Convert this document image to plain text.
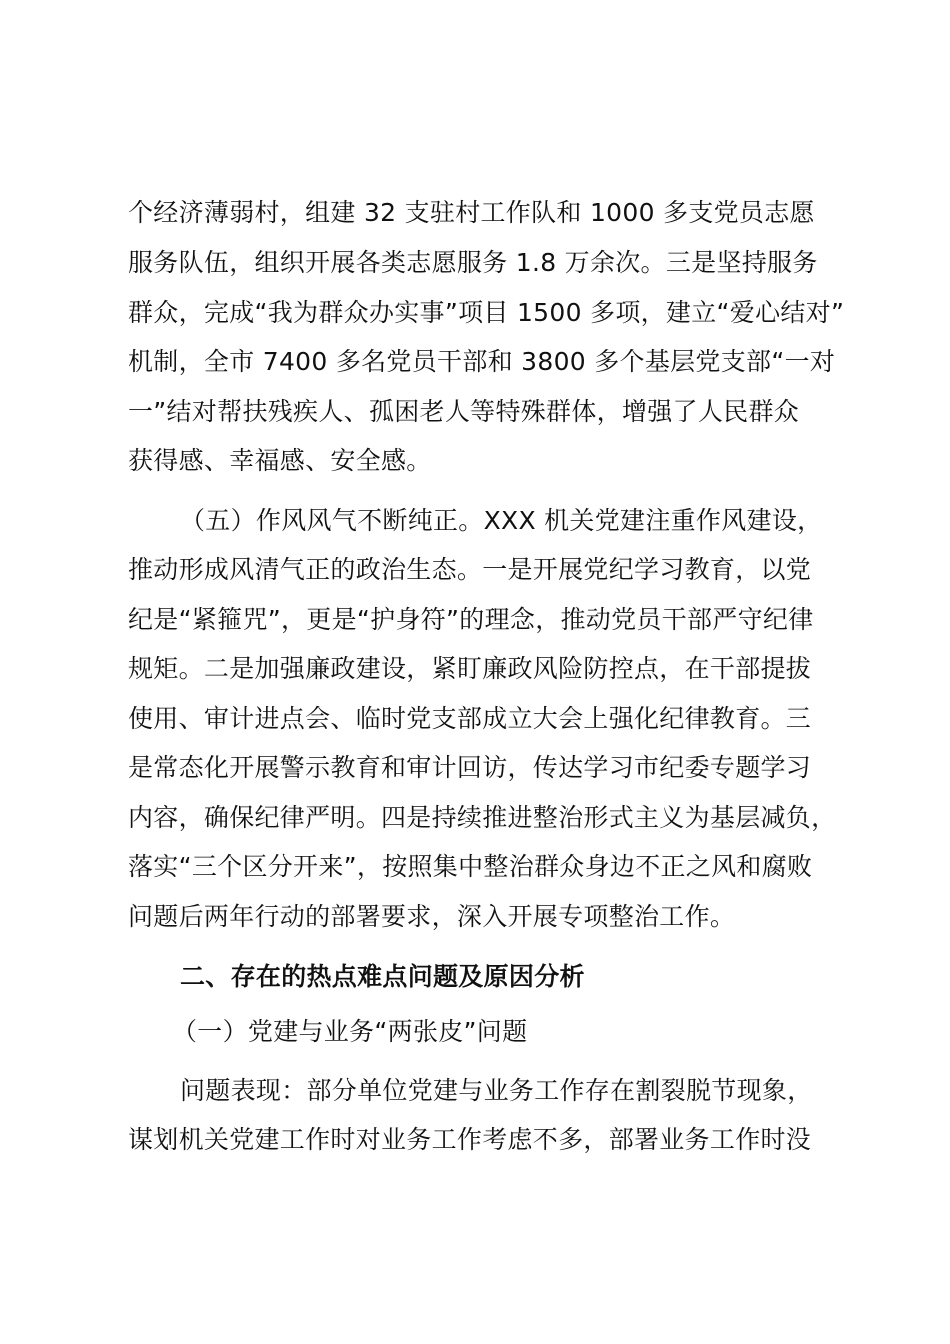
个经济薄弱村，组建 32 支驻村工作队和 1000 多支党员志愿
服务队伍，组织开展各类志愿服务 1.8 万余次。三是坚持服务
群众，完成“我为群众办实事”项目 1500 多项，建立“爱心结对”
机制，全市 7400 多名党员干部和 3800 多个基层党支部“一对
一”结对帮扶残疾人、孤困老人等特殊群体，增强了人民群众
获得感、幸福感、安全感。
（五）作风风气不断纯正。XXX 机关党建注重作风建设，
推动形成风清气正的政治生态。一是开展党纪学习教育，以党
纪是“紧箍咒”，更是“护身符”的理念，推动党员干部严守纪律
规矩。二是加强廉政建设，紧盯廉政风险防控点，在干部提拔
使用、审计进点会、临时党支部成立大会上强化纪律教育。三
是常态化开展警示教育和审计回访，传达学习市纪委专题学习
内容，确保纪律严明。四是持续推进整治形式主义为基层减负，
落实“三个区分开来”，按照集中整治群众身边不正之风和腐败
问题后两年行动的部署要求，深入开展专项整治工作。
二、存在的热点难点问题及原因分析
（一）党建与业务“两张皮”问题
问题表现：部分单位党建与业务工作存在割裂脱节现象，
谋划机关党建工作时对业务工作考虑不多，部署业务工作时没
